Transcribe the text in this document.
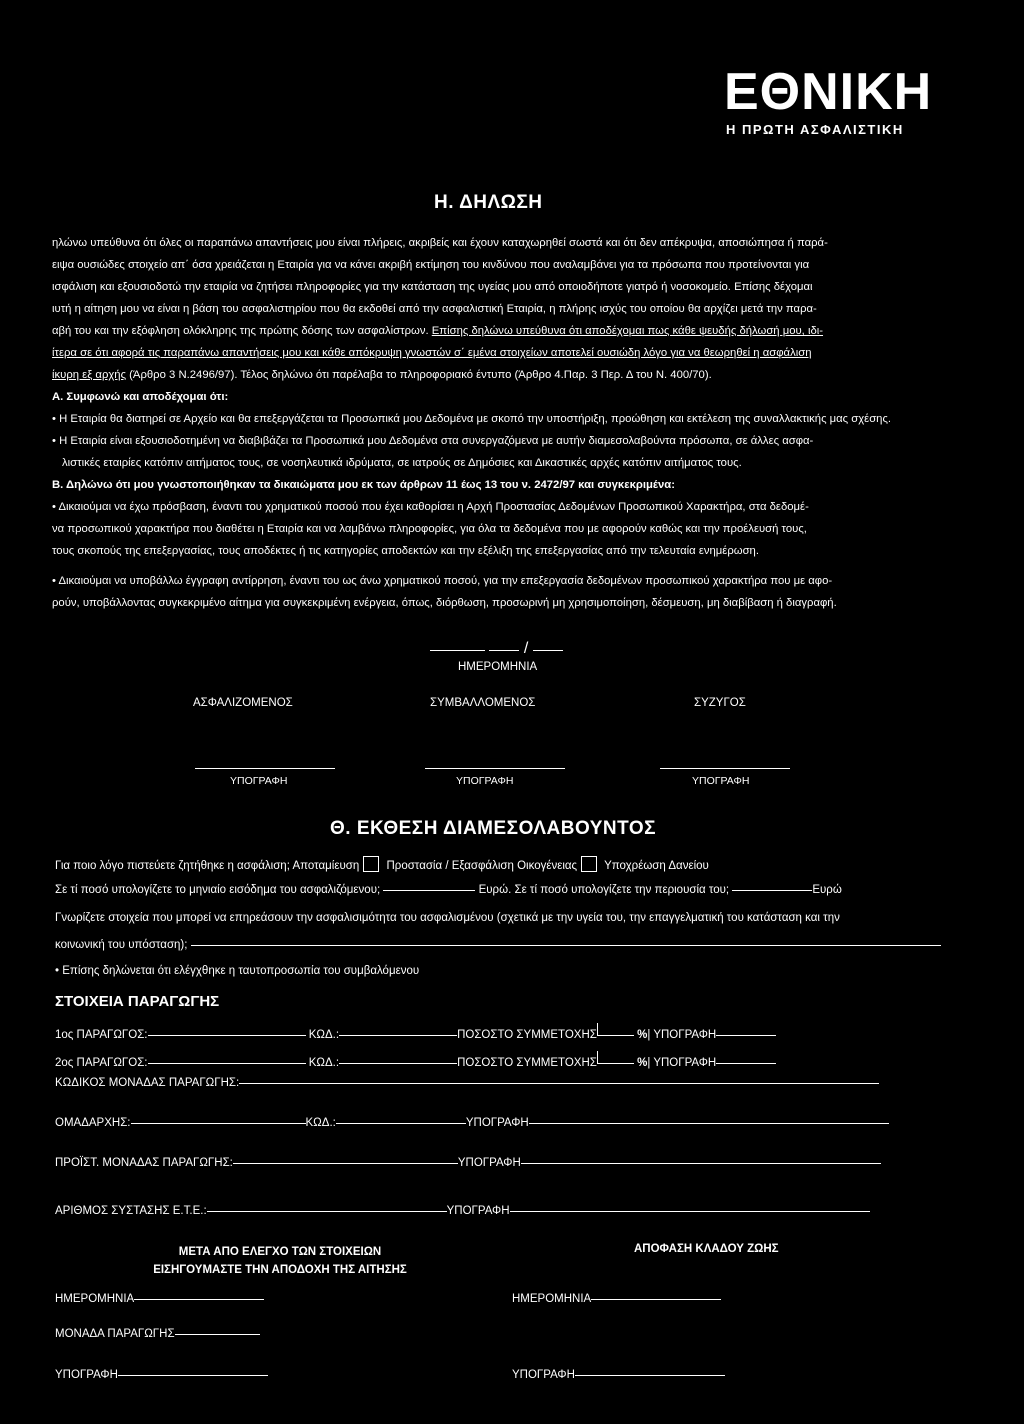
ΕΘΝΙΚΗ
Η ΠΡΩΤΗ ΑΣΦΑΛΙΣΤΙΚΗ
Η. ΔΗΛΩΣΗ

ηλώνω υπεύθυνα ότι όλες οι παραπάνω απαντήσεις μου είναι πλήρεις, ακριβείς και έχουν καταχωρηθεί σωστά και ότι δεν απέκρυψα, αποσιώπησα ή παρά-

ειψα ουσιώδες στοιχείο απ΄ όσα χρειάζεται η Εταιρία για να κάνει ακριβή εκτίμηση του κινδύνου που αναλαμβάνει για τα πρόσωπα που προτείνονται για

ισφάλιση και εξουσιοδοτώ την εταιρία να ζητήσει πληροφορίες για την κατάσταση της υγείας μου από οποιοδήποτε γιατρό ή νοσοκομείο. Επίσης δέχομαι

ιυτή η αίτηση μου να είναι η βάση του ασφαλιστηρίου που θα εκδοθεί από την ασφαλιστική Εταιρία, η πλήρης ισχύς του οποίου θα αρχίζει μετά την παρα-

αβή του και την εξόφληση ολόκληρης της πρώτης δόσης των ασφαλίστρων. Επίσης δηλώνω υπεύθυνα ότι αποδέχομαι πως κάθε ψευδής δήλωσή μου, ιδι-

ίτερα σε ότι αφορά τις παραπάνω απαντήσεις μου και κάθε απόκρυψη γνωστών σ΄ εμένα στοιχείων αποτελεί ουσιώδη λόγο για να θεωρηθεί η ασφάλιση

ίκυρη εξ αρχής (Άρθρο 3 Ν.2496/97). Τέλος δηλώνω ότι παρέλαβα το πληροφοριακό έντυπο (Άρθρο 4.Παρ. 3 Περ. Δ του Ν. 400/70).

Α. Συμφωνώ και αποδέχομαι ότι:

• Η Εταιρία θα διατηρεί σε Αρχείο και θα επεξεργάζεται τα Προσωπικά μου Δεδομένα με σκοπό την υποστήριξη, προώθηση και εκτέλεση της συναλλακτικής μας σχέσης.

• Η Εταιρία είναι εξουσιοδοτημένη να διαβιβάζει τα Προσωπικά μου Δεδομένα στα συνεργαζόμενα με αυτήν διαμεσολαβούντα πρόσωπα, σε άλλες ασφα-

λιστικές εταιρίες κατόπιν αιτήματος τους, σε νοσηλευτικά ιδρύματα, σε ιατρούς σε Δημόσιες και Δικαστικές αρχές κατόπιν αιτήματος τους.

Β. Δηλώνω ότι μου γνωστοποιήθηκαν τα δικαιώματα μου εκ των άρθρων 11 έως 13 του ν. 2472/97 και συγκεκριμένα:

• Δικαιούμαι να έχω πρόσβαση, έναντι του χρηματικού ποσού που έχει καθορίσει η Αρχή Προστασίας Δεδομένων Προσωπικού Χαρακτήρα, στα δεδομέ-

να προσωπικού χαρακτήρα που διαθέτει η Εταιρία και να λαμβάνω πληροφορίες, για όλα τα δεδομένα που με αφορούν καθώς και την προέλευσή τους,

τους σκοπούς της επεξεργασίας, τους αποδέκτες ή τις κατηγορίες αποδεκτών και την εξέλιξη της επεξεργασίας από την τελευταία ενημέρωση.

• Δικαιούμαι να υποβάλλω έγγραφη αντίρρηση, έναντι του ως άνω χρηματικού ποσού, για την επεξεργασία δεδομένων προσωπικού χαρακτήρα που με αφο-

ρούν, υποβάλλοντας συγκεκριμένο αίτημα για συγκεκριμένη ενέργεια, όπως, διόρθωση, προσωρινή μη χρησιμοποίηση, δέσμευση, μη διαβίβαση ή διαγραφή.

/
ΗΜΕΡΟΜΗΝΙΑ
ΑΣΦΑΛΙΖΟΜΕΝΟΣ	ΣΥΜΒΑΛΛΟΜΕΝΟΣ	ΣΥΖΥΓΟΣ
ΥΠΟΓΡΑΦΗ	ΥΠΟΓΡΑΦΗ	ΥΠΟΓΡΑΦΗ
Θ. ΕΚΘΕΣΗ ΔΙΑΜΕΣΟΛΑΒΟΥΝΤΟΣ
Για ποιο λόγο πιστεύετε ζητήθηκε η ασφάλιση; Αποταμίευση Προστασία / Εξασφάλιση Οικογένειας Υποχρέωση Δανείου
Σε τί ποσό υπολογίζετε το μηνιαίο εισόδημα του ασφαλιζόμενου;	Ευρώ. Σε τί ποσό υπολογίζετε την περιουσία του;	Ευρώ
Γνωρίζετε στοιχεία που μπορεί να επηρεάσουν την ασφαλισιμότητα του ασφαλισμένου (σχετικά με την υγεία του, την επαγγελματική του κατάσταση και την
κοινωνική του υπόσταση);
• Επίσης δηλώνεται ότι ελέγχθηκε η ταυτοπροσωπία του συμβαλόμενου
ΣΤΟΙΧΕΙΑ ΠΑΡΑΓΩΓΗΣ
1ος ΠΑΡΑΓΩΓΟΣ:	ΚΩΔ.:	ΠΟΣΟΣΤΟ ΣΥΜΜΕΤΟΧΗΣ	%| ΥΠΟΓΡΑΦΗ
2ος ΠΑΡΑΓΩΓΟΣ:	ΚΩΔ.:	ΠΟΣΟΣΤΟ ΣΥΜΜΕΤΟΧΗΣ	%| ΥΠΟΓΡΑΦΗ
ΚΩΔΙΚΟΣ ΜΟΝΑΔΑΣ ΠΑΡΑΓΩΓΗΣ:
ΟΜΑΔΑΡΧΗΣ:	ΚΩΔ.:	ΥΠΟΓΡΑΦΗ
ΠΡΟΪΣΤ. ΜΟΝΑΔΑΣ ΠΑΡΑΓΩΓΗΣ:	ΥΠΟΓΡΑΦΗ
ΑΡΙΘΜΟΣ ΣΥΣΤΑΣΗΣ Ε.Τ.Ε.:	ΥΠΟΓΡΑΦΗ
ΜΕΤΑ ΑΠΟ ΕΛΕΓΧΟ ΤΩΝ ΣΤΟΙΧΕΙΩΝ
ΕΙΣΗΓΟΥΜΑΣΤΕ ΤΗΝ ΑΠΟΔΟΧΗ ΤΗΣ ΑΙΤΗΣΗΣ
ΑΠΟΦΑΣΗ ΚΛΑΔΟΥ ΖΩΗΣ
ΗΜΕΡΟΜΗΝΙΑ	ΗΜΕΡΟΜΗΝΙΑ
ΜΟΝΑΔΑ ΠΑΡΑΓΩΓΗΣ
ΥΠΟΓΡΑΦΗ	ΥΠΟΓΡΑΦΗ
